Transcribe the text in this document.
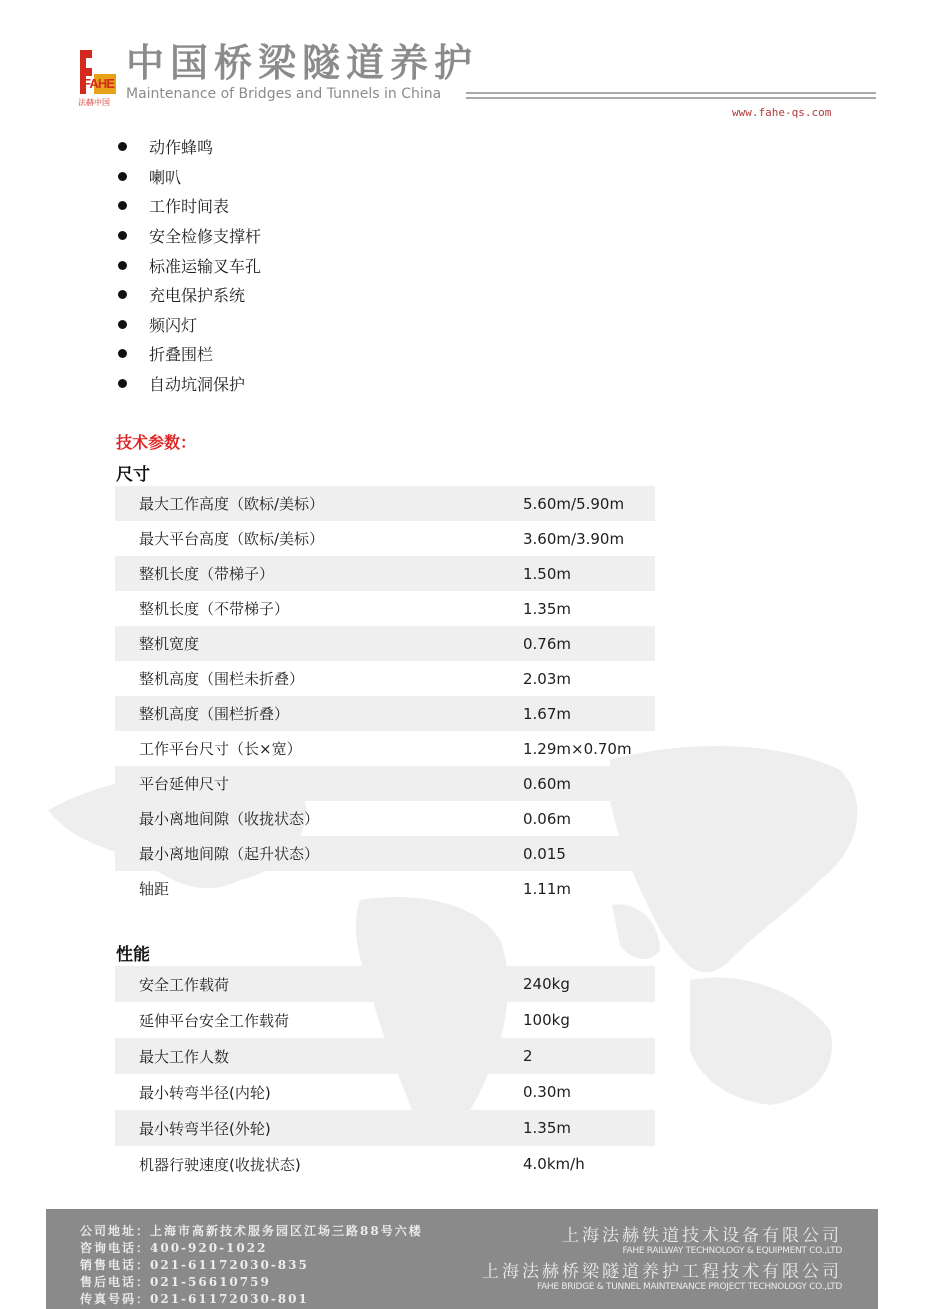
FAHE
法赫中国
中国桥梁隧道养护
Maintenance of Bridges and Tunnels in China
www.fahe-qs.com
动作蜂鸣
喇叭
工作时间表
安全检修支撑杆
标准运输叉车孔
充电保护系统
频闪灯
折叠围栏
自动坑洞保护
技术参数：
尺寸
最大工作高度（欧标/美标）	5.60m/5.90m
最大平台高度（欧标/美标）	3.60m/3.90m
整机长度（带梯子）	1.50m
整机长度（不带梯子）	1.35m
整机宽度	0.76m
整机高度（围栏未折叠）	2.03m
整机高度（围栏折叠）	1.67m
工作平台尺寸（长×宽）	1.29m×0.70m
平台延伸尺寸	0.60m
最小离地间隙（收拢状态）	0.06m
最小离地间隙（起升状态）	0.015
轴距	1.11m
性能
安全工作载荷	240kg
延伸平台安全工作载荷	100kg
最大工作人数	2
最小转弯半径(内轮)	0.30m
最小转弯半径(外轮)	1.35m
机器行驶速度(收拢状态)	4.0km/h
公司地址：上海市高新技术服务园区江场三路88号六楼
咨询电话：400-920-1022
销售电话：021-61172030-835
售后电话：021-56610759
传真号码：021-61172030-801
上海法赫铁道技术设备有限公司
FAHE RAILWAY TECHNOLOGY & EQUIPMENT CO.,LTD
上海法赫桥梁隧道养护工程技术有限公司
FAHE BRIDGE & TUNNEL MAINTENANCE PROJECT TECHNOLOGY CO.,LTD
